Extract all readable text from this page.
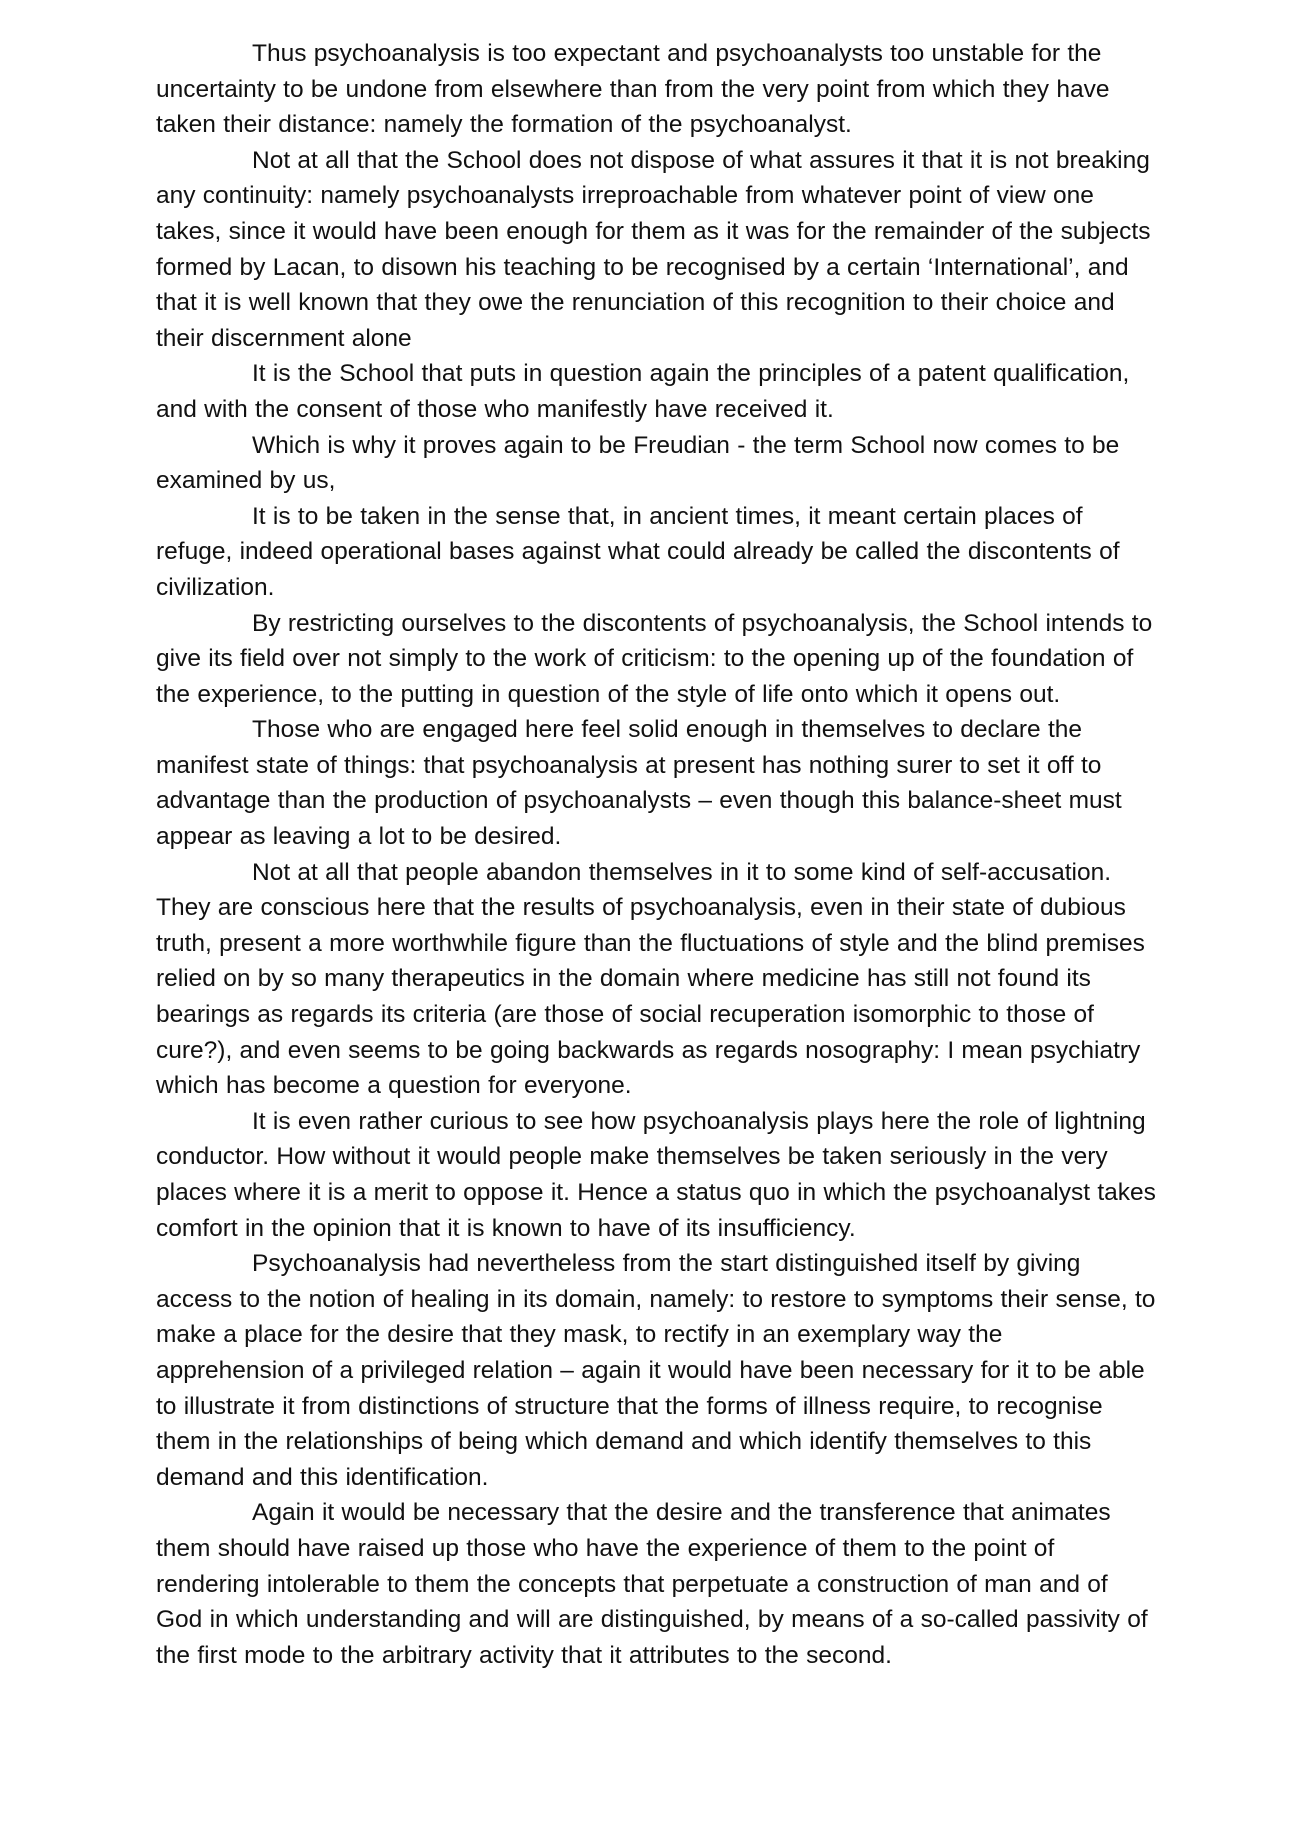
Thus psychoanalysis is too expectant and psychoanalysts too unstable for the uncertainty to be undone from elsewhere than from the very point from which they have taken their distance: namely the formation of the psychoanalyst.

Not at all that the School does not dispose of what assures it that it is not breaking any continuity: namely psychoanalysts irreproachable from whatever point of view one takes, since it would have been enough for them as it was for the remainder of the subjects formed by Lacan, to disown his teaching to be recognised by a certain ‘International’, and that it is well known that they owe the renunciation of this recognition to their choice and their discernment alone

It is the School that puts in question again the principles of a patent qualification, and with the consent of those who manifestly have received it.

Which is why it proves again to be Freudian - the term School now comes to be examined by us,

It is to be taken in the sense that, in ancient times, it meant certain places of refuge, indeed operational bases against what could already be called the discontents of civilization.

By restricting ourselves to the discontents of psychoanalysis, the School intends to give its field over not simply to the work of criticism: to the opening up of the foundation of the experience, to the putting in question of the style of life onto which it opens out.

Those who are engaged here feel solid enough in themselves to declare the manifest state of things: that psychoanalysis at present has nothing surer to set it off to advantage than the production of psychoanalysts – even though this balance-sheet must appear as leaving a lot to be desired.

Not at all that people abandon themselves in it to some kind of self-accusation. They are conscious here that the results of psychoanalysis, even in their state of dubious truth, present a more worthwhile figure than the fluctuations of style and the blind premises relied on by so many therapeutics in the domain where medicine has still not found its bearings as regards its criteria (are those of social recuperation isomorphic to those of cure?), and even seems to be going backwards as regards nosography: I mean psychiatry which has become a question for everyone.

It is even rather curious to see how psychoanalysis plays here the role of lightning conductor. How without it would people make themselves be taken seriously in the very places where it is a merit to oppose it. Hence a status quo in which the psychoanalyst takes comfort in the opinion that it is known to have of its insufficiency.

Psychoanalysis had nevertheless from the start distinguished itself by giving access to the notion of healing in its domain, namely: to restore to symptoms their sense, to make a place for the desire that they mask, to rectify in an exemplary way the apprehension of a privileged relation – again it would have been necessary for it to be able to illustrate it from distinctions of structure that the forms of illness require, to recognise them in the relationships of being which demand and which identify themselves to this demand and this identification.

Again it would be necessary that the desire and the transference that animates them should have raised up those who have the experience of them to the point of rendering intolerable to them the concepts that perpetuate a construction of man and of God in which understanding and will are distinguished, by means of a so-called passivity of the first mode to the arbitrary activity that it attributes to the second.
